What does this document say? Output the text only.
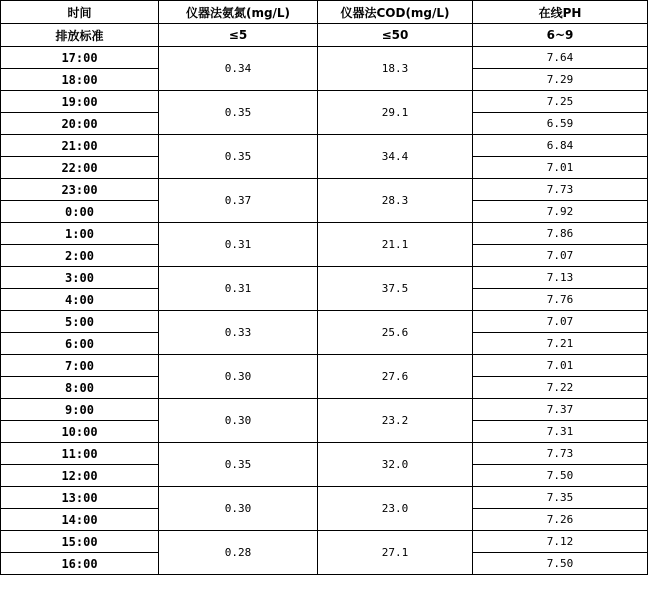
时间	仪器法氨氮(mg/L)	仪器法COD(mg/L)	在线PH
排放标准	≤5	≤50	6~9
17:00	0.34	18.3	7.64
18:00			7.29
19:00	0.35	29.1	7.25
20:00			6.59
21:00	0.35	34.4	6.84
22:00			7.01
23:00	0.37	28.3	7.73
0:00			7.92
1:00	0.31	21.1	7.86
2:00			7.07
3:00	0.31	37.5	7.13
4:00			7.76
5:00	0.33	25.6	7.07
6:00			7.21
7:00	0.30	27.6	7.01
8:00			7.22
9:00	0.30	23.2	7.37
10:00			7.31
11:00	0.35	32.0	7.73
12:00			7.50
13:00	0.30	23.0	7.35
14:00			7.26
15:00	0.28	27.1	7.12
16:00			7.50
